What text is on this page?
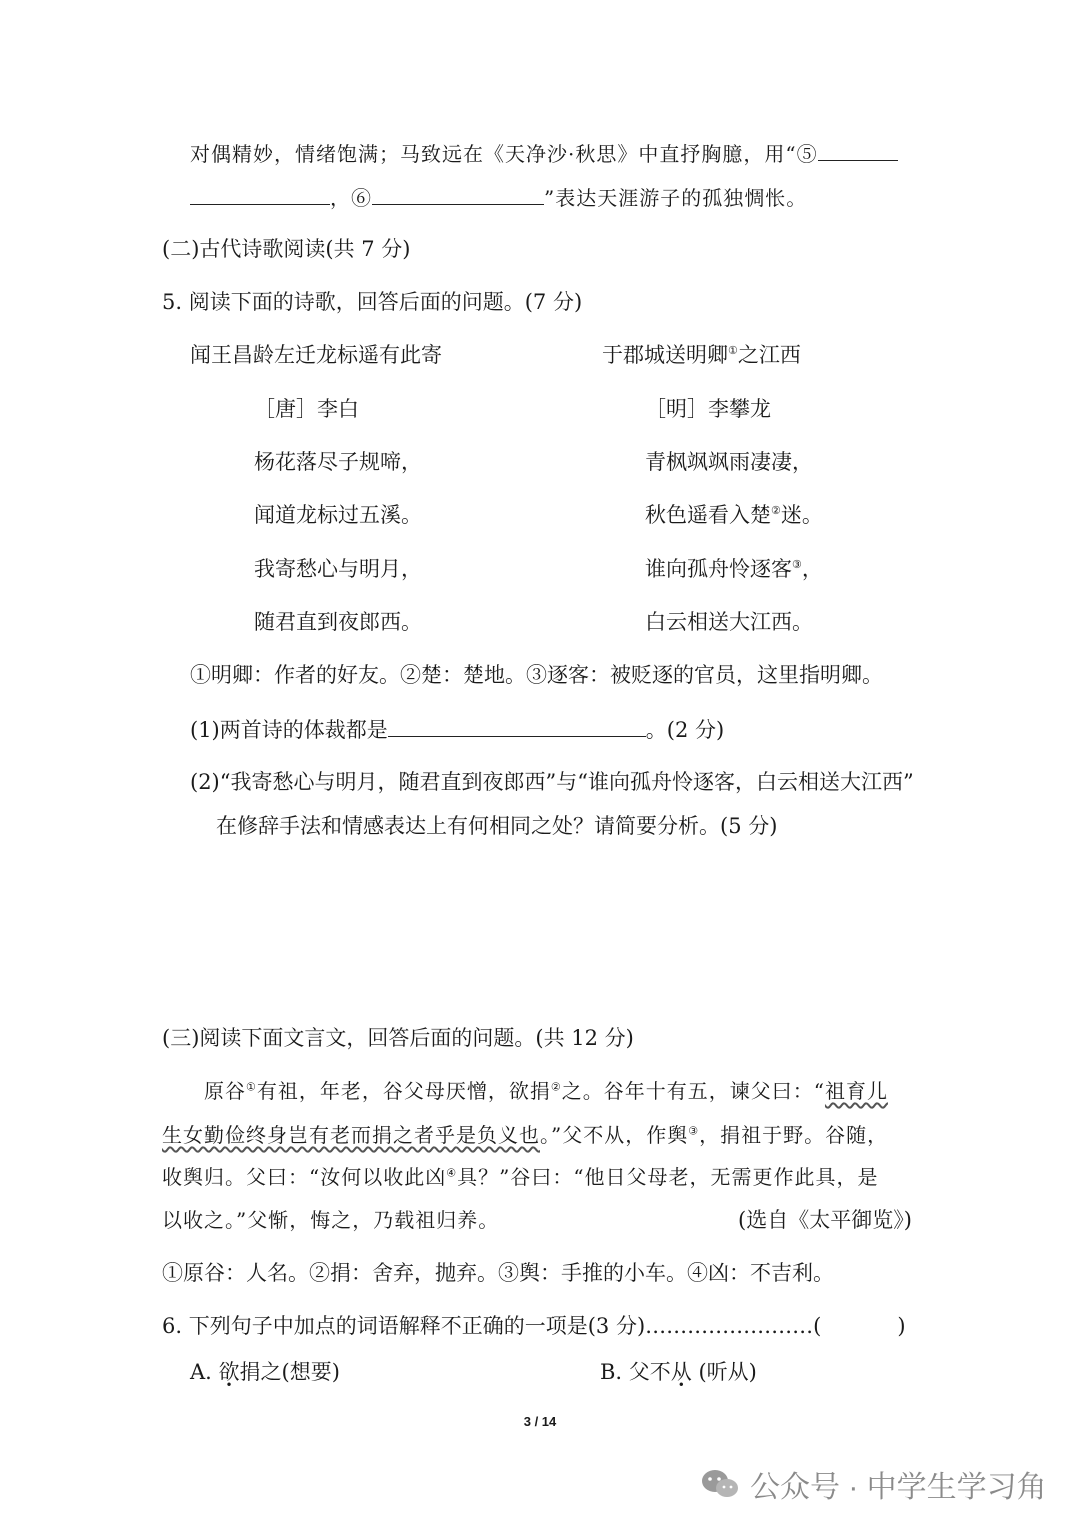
对偶精妙，情绪饱满；马致远在《天净沙·秋思》中直抒胸臆，用“⑤
，⑥	”表达天涯游子的孤独惆怅。
(二)古代诗歌阅读(共 7 分)
5. 阅读下面的诗歌，回答后面的问题。(7 分)
闻王昌龄左迁龙标遥有此寄
［唐］李白
杨花落尽子规啼，
闻道龙标过五溪。
我寄愁心与明月，
随君直到夜郎西。
于郡城送明卿①之江西
［明］李攀龙
青枫飒飒雨凄凄，
秋色遥看入楚②迷。
谁向孤舟怜逐客③，
白云相送大江西。
①明卿：作者的好友。②楚：楚地。③逐客：被贬逐的官员，这里指明卿。
(1)两首诗的体裁都是	。(2 分)
(2)“我寄愁心与明月，随君直到夜郎西”与“谁向孤舟怜逐客，白云相送大江西”
在修辞手法和情感表达上有何相同之处？请简要分析。(5 分)
(三)阅读下面文言文，回答后面的问题。(共 12 分)
原谷①有祖，年老，谷父母厌憎，欲捐②之。谷年十有五，谏父曰：“祖育儿
生女勤俭终身岂有老而捐之者乎是负义也。”父不从，作舆③，捐祖于野。谷随，
收舆归。父曰：“汝何以收此凶④具？”谷曰：“他日父母老，无需更作此具，是
以收之。”父惭，悔之，乃载祖归养。	(选自《太平御览》)
①原谷：人名。②捐：舍弃，抛弃。③舆：手推的小车。④凶：不吉利。
6. 下列句子中加点的词语解释不正确的一项是(3 分)……………………(	)
A. 欲捐之(想要)	B. 父不从 (听从)
3 / 14
公众号 · 中学生学习角
